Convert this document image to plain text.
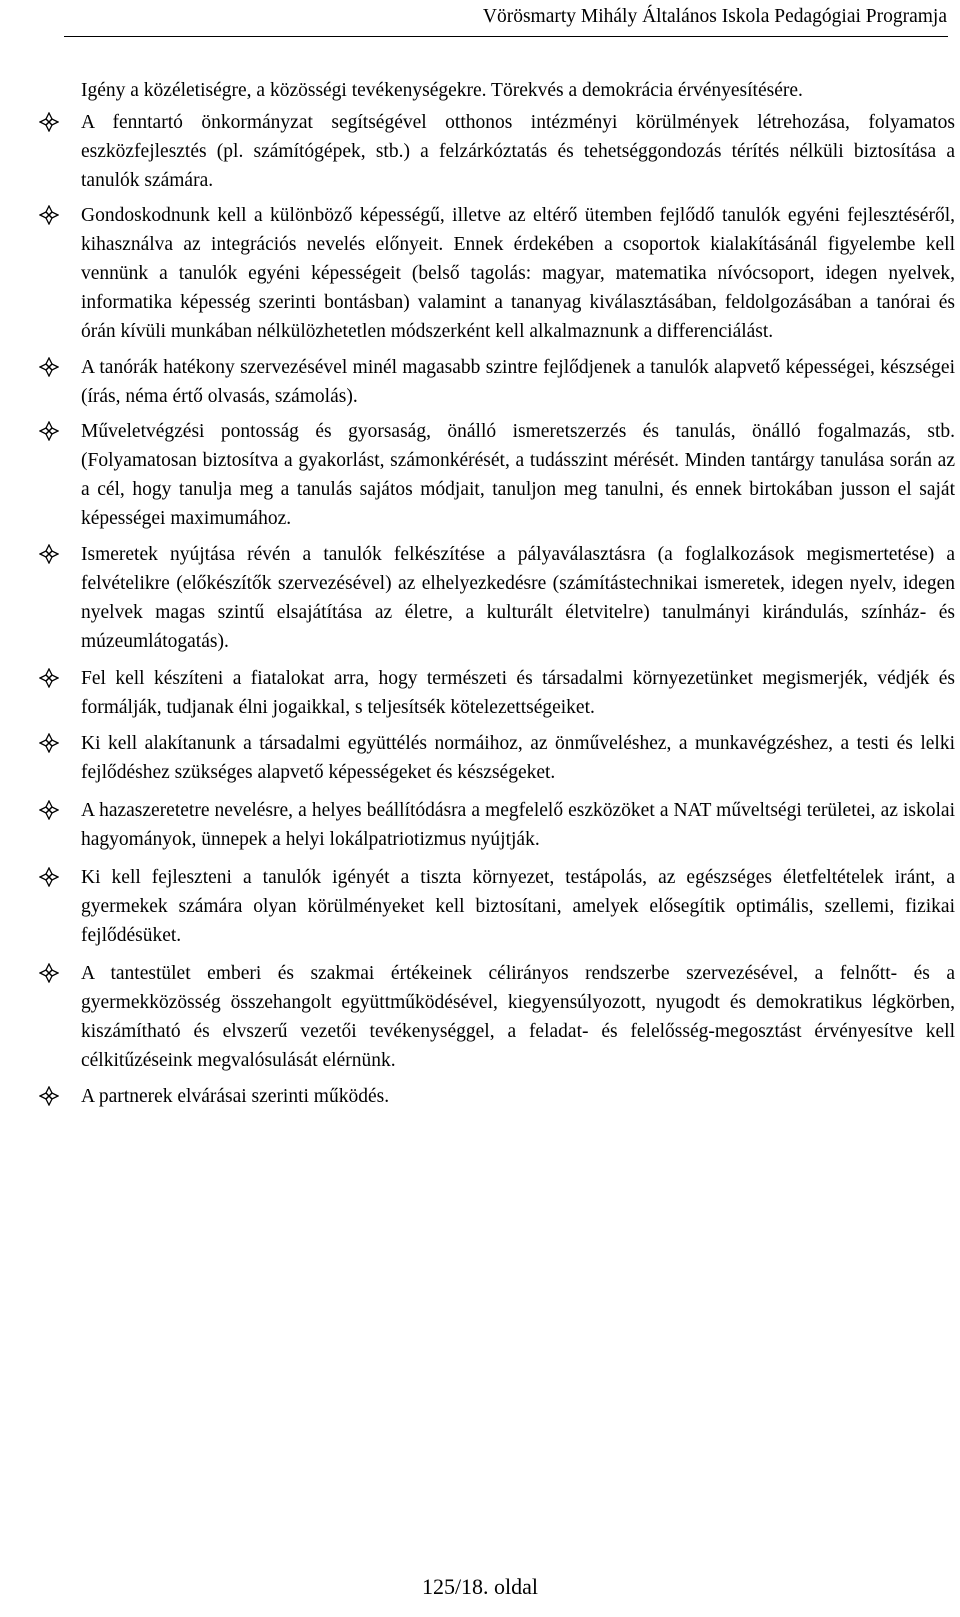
Vörösmarty Mihály Általános Iskola Pedagógiai Programja

Igény a közéletiségre, a közösségi tevékenységekre. Törekvés a demokrácia érvényesítésére.

A fenntartó önkormányzat segítségével otthonos intézményi körülmények létrehozása, folyamatos eszközfejlesztés (pl. számítógépek, stb.) a felzárkóztatás és tehetséggondozás térítés nélküli biztosítása a tanulók számára.
Gondoskodnunk kell a különböző képességű, illetve az eltérő ütemben fejlődő tanulók egyéni fejlesztéséről, kihasználva az integrációs nevelés előnyeit. Ennek érdekében a csoportok kialakításánál figyelembe kell vennünk a tanulók egyéni képességeit (belső tagolás: magyar, matematika nívócsoport, idegen nyelvek, informatika képesség szerinti bontásban) valamint a tananyag kiválasztásában, feldolgozásában a tanórai és órán kívüli munkában nélkülözhetetlen módszerként kell alkalmaznunk a differenciálást.
A tanórák hatékony szervezésével minél magasabb szintre fejlődjenek a tanulók alapvető képességei, készségei (írás, néma értő olvasás, számolás).
Műveletvégzési pontosság és gyorsaság, önálló ismeretszerzés és tanulás, önálló fogalmazás, stb. (Folyamatosan biztosítva a gyakorlást, számonkérését, a tudásszint mérését. Minden tantárgy tanulása során az a cél, hogy tanulja meg a tanulás sajátos módjait, tanuljon meg tanulni, és ennek birtokában jusson el saját képességei maximumához.
Ismeretek nyújtása révén a tanulók felkészítése a pályaválasztásra (a foglalkozások megismertetése) a felvételikre (előkészítők szervezésével) az elhelyezkedésre (számítástechnikai ismeretek, idegen nyelv, idegen nyelvek magas szintű elsajátítása az életre, a kulturált életvitelre) tanulmányi kirándulás, színház- és múzeumlátogatás).
Fel kell készíteni a fiatalokat arra, hogy természeti és társadalmi környezetünket megismerjék, védjék és formálják, tudjanak élni jogaikkal, s teljesítsék kötelezettségeiket.
Ki kell alakítanunk a társadalmi együttélés normáihoz, az önműveléshez, a munkavégzéshez, a testi és lelki fejlődéshez szükséges alapvető képességeket és készségeket.
A hazaszeretetre nevelésre, a helyes beállítódásra a megfelelő eszközöket a NAT műveltségi területei, az iskolai hagyományok, ünnepek a helyi lokálpatriotizmus nyújtják.
Ki kell fejleszteni a tanulók igényét a tiszta környezet, testápolás, az egészséges életfeltételek iránt, a gyermekek számára olyan körülményeket kell biztosítani, amelyek elősegítik optimális, szellemi, fizikai fejlődésüket.
A tantestület emberi és szakmai értékeinek célirányos rendszerbe szervezésével, a felnőtt- és a gyermekközösség összehangolt együttműködésével, kiegyensúlyozott, nyugodt és demokratikus légkörben, kiszámítható és elvszerű vezetői tevékenységgel, a feladat- és felelősség-megosztást érvényesítve kell célkitűzéseink megvalósulását elérnünk.
A partnerek elvárásai szerinti működés.
125/18. oldal
